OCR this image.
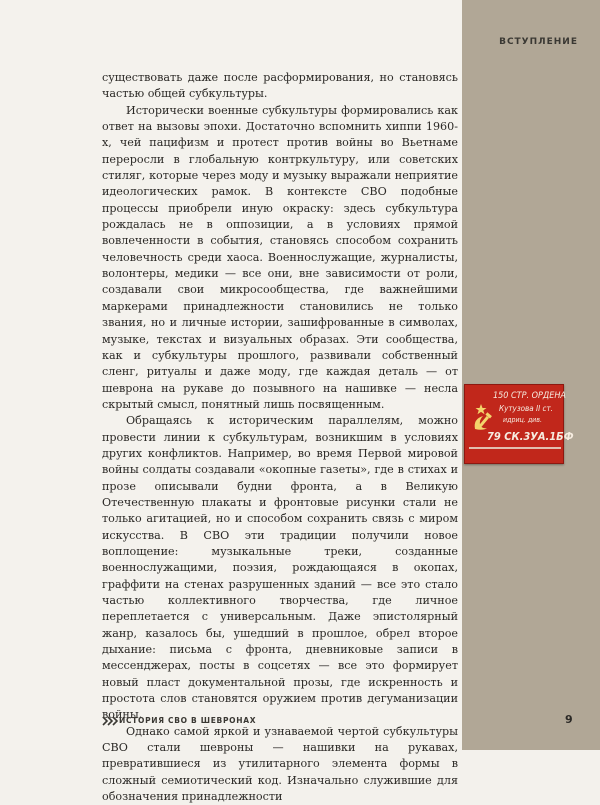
ВСТУПЛЕНИЕ

существовать даже после расформирования, но становясь частью общей субкультуры.

Исторически военные субкультуры формировались как ответ на вызовы эпохи. Достаточно вспомнить хиппи 1960-х, чей пацифизм и протест против войны во Вьетнаме переросли в глобальную контркультуру, или советских стиляг, которые через моду и музыку выражали неприятие идеологических рамок. В контексте СВО подобные процессы приобрели иную окраску: здесь субкультура рождалась не в оппозиции, а в условиях прямой вовлеченности в события, становясь способом сохранить человечность среди хаоса. Военнослужащие, журналисты, волонтеры, медики — все они, вне зависимости от роли, создавали свои микросообщества, где важнейшими маркерами принадлежности становились не только звания, но и личные истории, зашифрованные в символах, музыке, текстах и визуальных образах. Эти сообщества, как и субкультуры прошлого, развивали собственный сленг, ритуалы и даже моду, где каждая деталь — от шеврона на рукаве до позывного на нашивке — несла скрытый смысл, понятный лишь посвященным.

Обращаясь к историческим параллелям, можно провести линии к субкультурам, возникшим в условиях других конфликтов. Например, во время Первой мировой войны солдаты создавали «окопные газеты», где в стихах и прозе описывали будни фронта, а в Великую Отечественную плакаты и фронтовые рисунки стали не только агитацией, но и способом сохранить связь с миром искусства. В СВО эти традиции получили новое воплощение: музыкальные треки, созданные военнослужащими, поэзия, рождающаяся в окопах, граффити на стенах разрушенных зданий — все это стало частью коллективного творчества, где личное переплетается с универсальным. Даже эпистолярный жанр, казалось бы, ушедший в прошлое, обрел второе дыхание: письма с фронта, дневниковые записи в мессенджерах, посты в соцсетях — все это формирует новый пласт документальной прозы, где искренность и простота слов становятся оружием против дегуманизации войны.

Однако самой яркой и узнаваемой чертой субкультуры СВО стали шевроны — нашивки на рукавах, превратившиеся из утилитарного элемента формы в сложный семиотический код. Изначально служившие для обозначения принадлежности

150 СТР. ОРДЕНА
Кутузова II ст.
идриц. див.
79 СК.3УА.1БФ
ИСТОРИЯ СВО В ШЕВРОНАХ	9
